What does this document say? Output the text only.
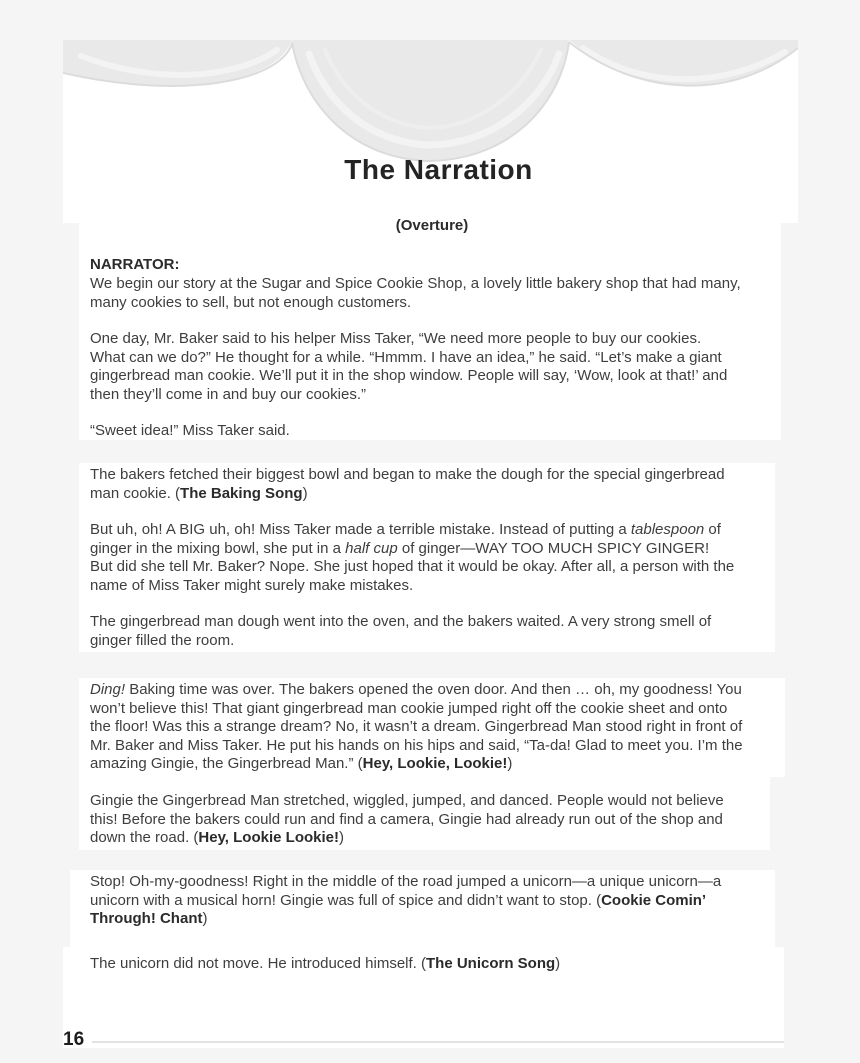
The Narration
(Overture)
NARRATOR:
We begin our story at the Sugar and Spice Cookie Shop, a lovely little bakery shop that had many,
many cookies to sell, but not enough customers.
One day, Mr. Baker said to his helper Miss Taker, “We need more people to buy our cookies.
What can we do?” He thought for a while. “Hmmm. I have an idea,” he said. “Let’s make a giant
gingerbread man cookie. We’ll put it in the shop window. People will say, ‘Wow, look at that!’ and
then they’ll come in and buy our cookies.”
“Sweet idea!” Miss Taker said.
The bakers fetched their biggest bowl and began to make the dough for the special gingerbread
man cookie. (The Baking Song)
But uh, oh! A BIG uh, oh! Miss Taker made a terrible mistake. Instead of putting a tablespoon of
ginger in the mixing bowl, she put in a half cup of ginger—WAY TOO MUCH SPICY GINGER!
But did she tell Mr. Baker? Nope. She just hoped that it would be okay. After all, a person with the
name of Miss Taker might surely make mistakes.
The gingerbread man dough went into the oven, and the bakers waited. A very strong smell of
ginger filled the room.
Ding! Baking time was over. The bakers opened the oven door. And then … oh, my goodness! You
won’t believe this! That giant gingerbread man cookie jumped right off the cookie sheet and onto
the floor! Was this a strange dream? No, it wasn’t a dream. Gingerbread Man stood right in front of
Mr. Baker and Miss Taker. He put his hands on his hips and said, “Ta-da! Glad to meet you. I’m the
amazing Gingie, the Gingerbread Man.” (Hey, Lookie, Lookie!)
Gingie the Gingerbread Man stretched, wiggled, jumped, and danced. People would not believe
this! Before the bakers could run and find a camera, Gingie had already run out of the shop and
down the road. (Hey, Lookie Lookie!)
Stop! Oh-my-goodness! Right in the middle of the road jumped a unicorn—a unique unicorn—a
unicorn with a musical horn! Gingie was full of spice and didn’t want to stop. (Cookie Comin’
Through! Chant)
The unicorn did not move. He introduced himself. (The Unicorn Song)
16
